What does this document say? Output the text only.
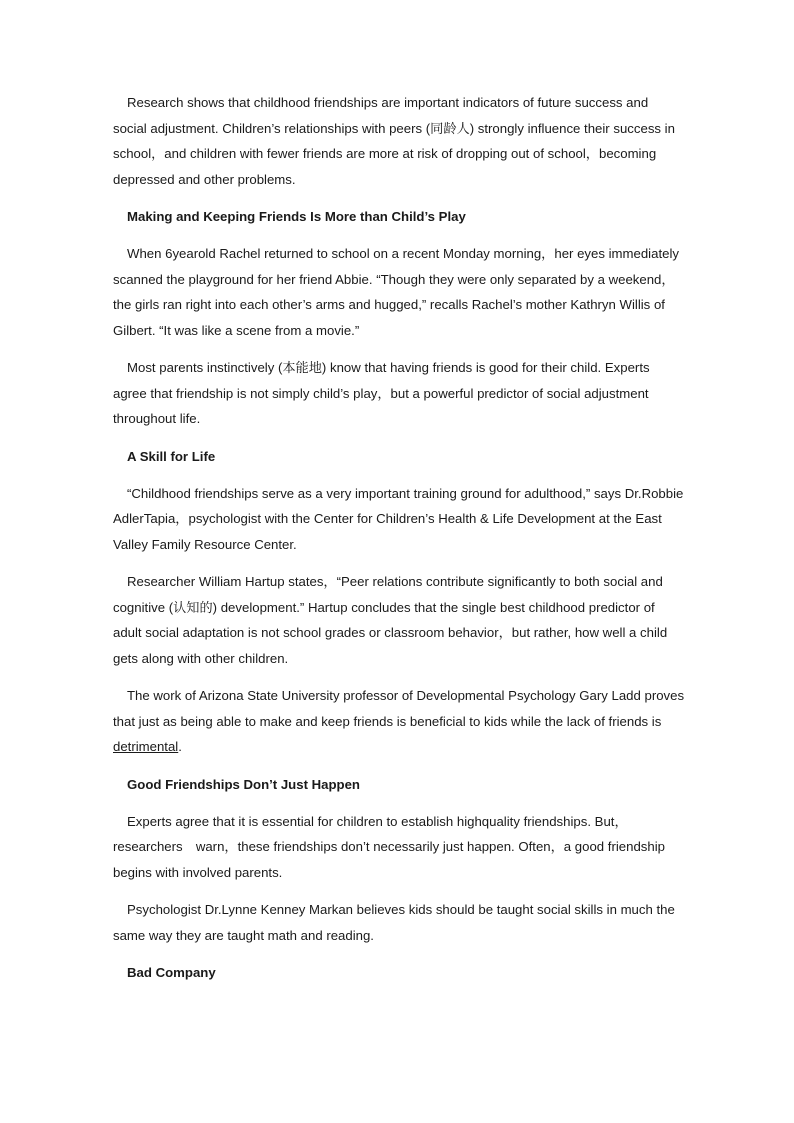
Research shows that childhood friendships are important indicators of future success and social adjustment. Children’s relationships with peers (同龄人) strongly influence their success in school，and children with fewer friends are more at risk of dropping out of school，becoming depressed and other problems.

Making and Keeping Friends Is More than Child’s Play

When 6yearold Rachel returned to school on a recent Monday morning，her eyes immediately　scanned the playground for her friend Abbie. “Though they were only separated by a weekend，the girls ran right into each other’s arms and hugged,” recalls Rachel’s mother Kathryn Willis of Gilbert. “It was like a scene from a movie.”

Most parents instinctively (本能地) know that having friends is good for their child. Experts agree that friendship is not simply child’s play，but a powerful predictor of social adjustment throughout life.

A Skill for Life

“Childhood friendships serve as a very important training ground for adulthood,” says Dr.Robbie AdlerTapia，psychologist with the Center for Children’s Health & Life Development at the East Valley Family Resource Center.

Researcher William Hartup states，“Peer relations contribute significantly to both social and cognitive (认知的) development.” Hartup concludes that the single best childhood predictor of adult social adaptation is not school grades or classroom behavior，but rather, how well a child gets along with other children.

The work of Arizona State University professor of Developmental Psychology Gary Ladd proves that just as being able to make and keep friends is beneficial to kids while the lack of friends is detrimental.

Good Friendships Don’t Just Happen

Experts agree that it is essential for children to establish highquality friendships. But，researchers　warn，these friendships don’t necessarily just happen. Often，a good friendship begins with involved parents.

Psychologist Dr.Lynne Kenney Markan believes kids should be taught social skills in much the same way they are taught math and reading.

Bad Company
